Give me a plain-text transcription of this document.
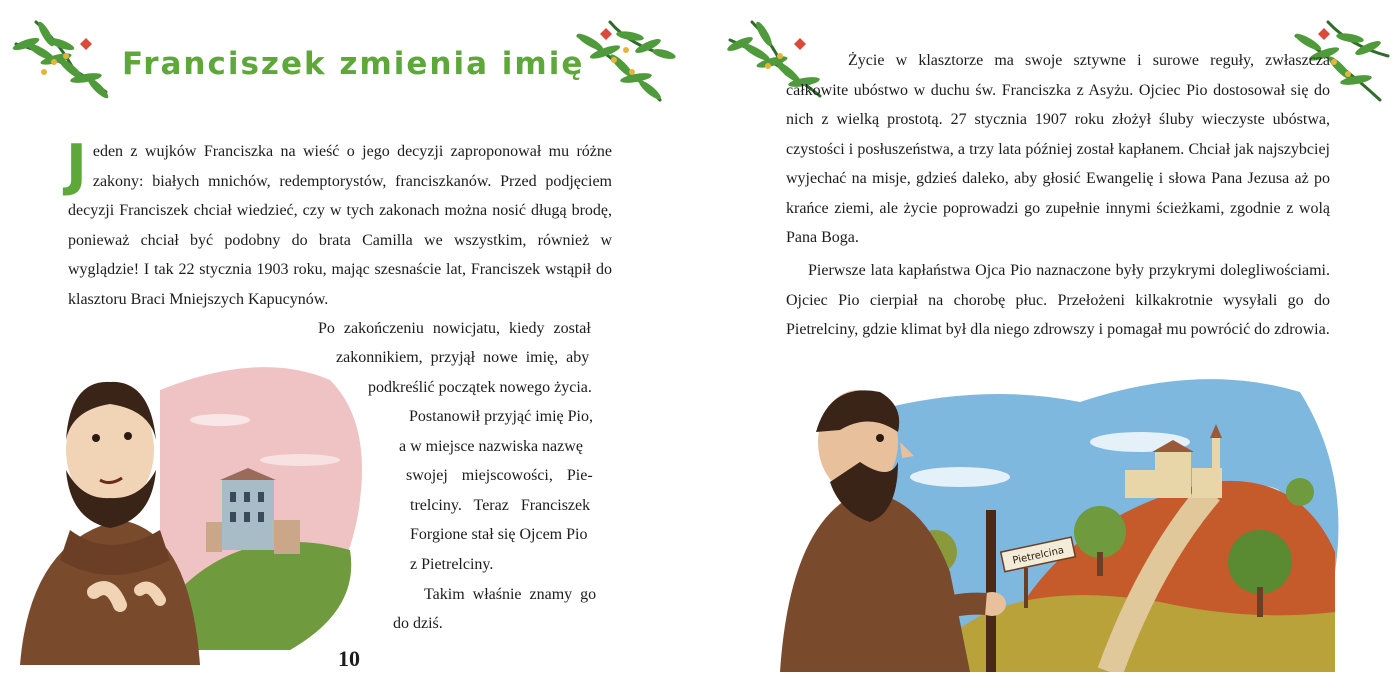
Franciszek zmienia imię

Jeden z wujków Franciszka na wieść o jego decyzji zaproponował mu różne zakony: białych mnichów, redemptorystów, franciszkanów. Przed podjęciem decyzji Franciszek chciał wiedzieć, czy w tych zakonach można nosić długą brodę, ponieważ chciał być podobny do brata Camilla we wszystkim, również w wyglądzie! I tak 22 stycznia 1903 roku, mając szesnaście lat, Franciszek wstąpił do klasztoru Braci Mniejszych Kapucynów.

Po zakończeniu nowicjatu, kiedy został
zakonnikiem, przyjął nowe imię, aby
podkreślić początek nowego życia.
Postanowił przyjąć imię Pio,
a w miejsce nazwiska nazwę
swojej miejscowości, Pie-
trelciny. Teraz Franciszek
Forgione stał się Ojcem Pio
z Pietrelciny.
Takim właśnie znamy go
do dziś.
10

Życie w klasztorze ma swoje sztywne i surowe reguły, zwłaszcza całkowite ubóstwo w duchu św. Franciszka z Asyżu. Ojciec Pio dostosował się do nich z wielką prostotą. 27 stycznia 1907 roku złożył śluby wieczyste ubóstwa, czystości i posłuszeństwa, a trzy lata później został kapłanem. Chciał jak najszybciej wyjechać na misje, gdzieś daleko, aby głosić Ewangelię i słowa Pana Jezusa aż po krańce ziemi, ale życie poprowadzi go zupełnie innymi ścieżkami, zgodnie z wolą Pana Boga.

Pierwsze lata kapłaństwa Ojca Pio naznaczone były przykrymi dolegliwościami. Ojciec Pio cierpiał na chorobę płuc. Przełożeni kilkakrotnie wysyłali go do Pietrelciny, gdzie klimat był dla niego zdrowszy i pomagał mu powrócić do zdrowia.

Pietrelcina
